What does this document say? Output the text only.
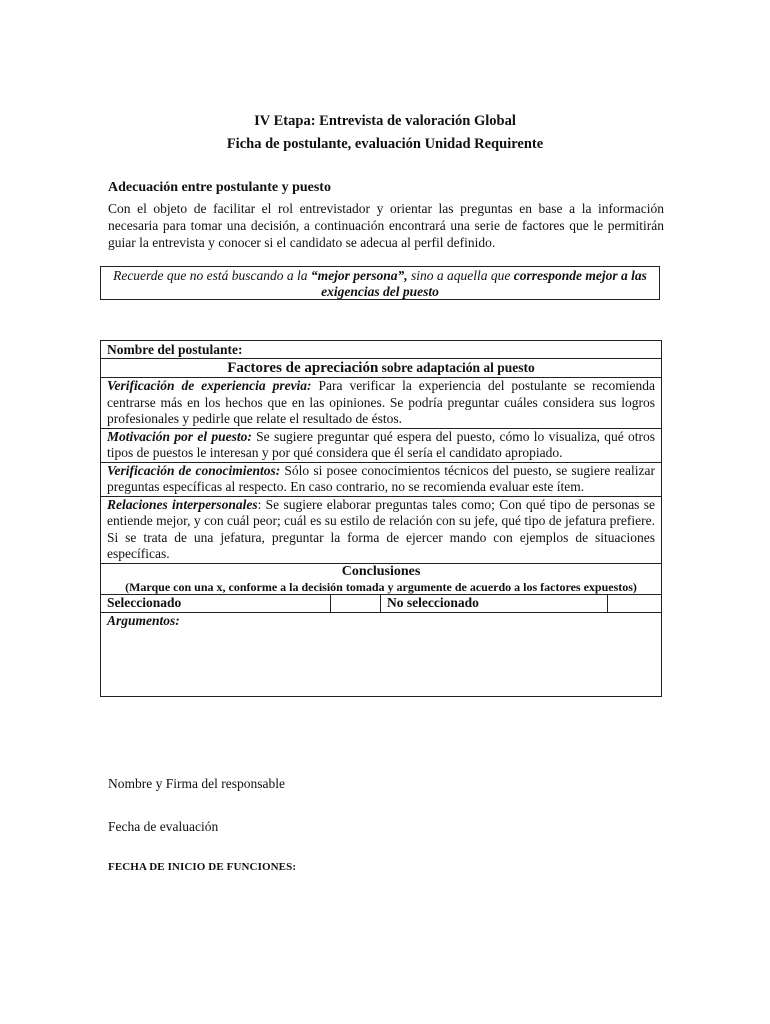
IV Etapa: Entrevista de valoración Global
Ficha de postulante, evaluación Unidad Requirente
Adecuación entre postulante y puesto
Con el objeto de facilitar el rol entrevistador y orientar las preguntas en base a la información necesaria para tomar una decisión, a continuación encontrará una serie de factores que le permitirán guiar la entrevista y conocer si el candidato se adecua al perfil definido.
Recuerde que no está buscando a la “mejor persona”, sino a aquella que corresponde mejor a las exigencias del puesto
Nombre del postulante:
Factores de apreciación sobre adaptación al puesto
Verificación de experiencia previa: Para verificar la experiencia del postulante se recomienda centrarse más en los hechos que en las opiniones. Se podría preguntar cuáles considera sus logros profesionales y pedirle que relate el resultado de éstos.
Motivación por el puesto: Se sugiere preguntar qué espera del puesto, cómo lo visualiza, qué otros tipos de puestos le interesan y por qué considera que él sería el candidato apropiado.
Verificación de conocimientos: Sólo si posee conocimientos técnicos del puesto, se sugiere realizar preguntas específicas al respecto. En caso contrario, no se recomienda evaluar este ítem.
Relaciones interpersonales: Se sugiere elaborar preguntas tales como; Con qué tipo de personas se entiende mejor, y con cuál peor; cuál es su estilo de relación con su jefe, qué tipo de jefatura prefiere. Si se trata de una jefatura, preguntar la forma de ejercer mando con ejemplos de situaciones específicas.
Conclusiones
(Marque con una x, conforme a la decisión tomada y argumente de acuerdo a los factores expuestos)

Seleccionado		No seleccionado	
Argumentos:
Nombre y Firma del responsable
Fecha de evaluación
FECHA DE INICIO DE FUNCIONES:
